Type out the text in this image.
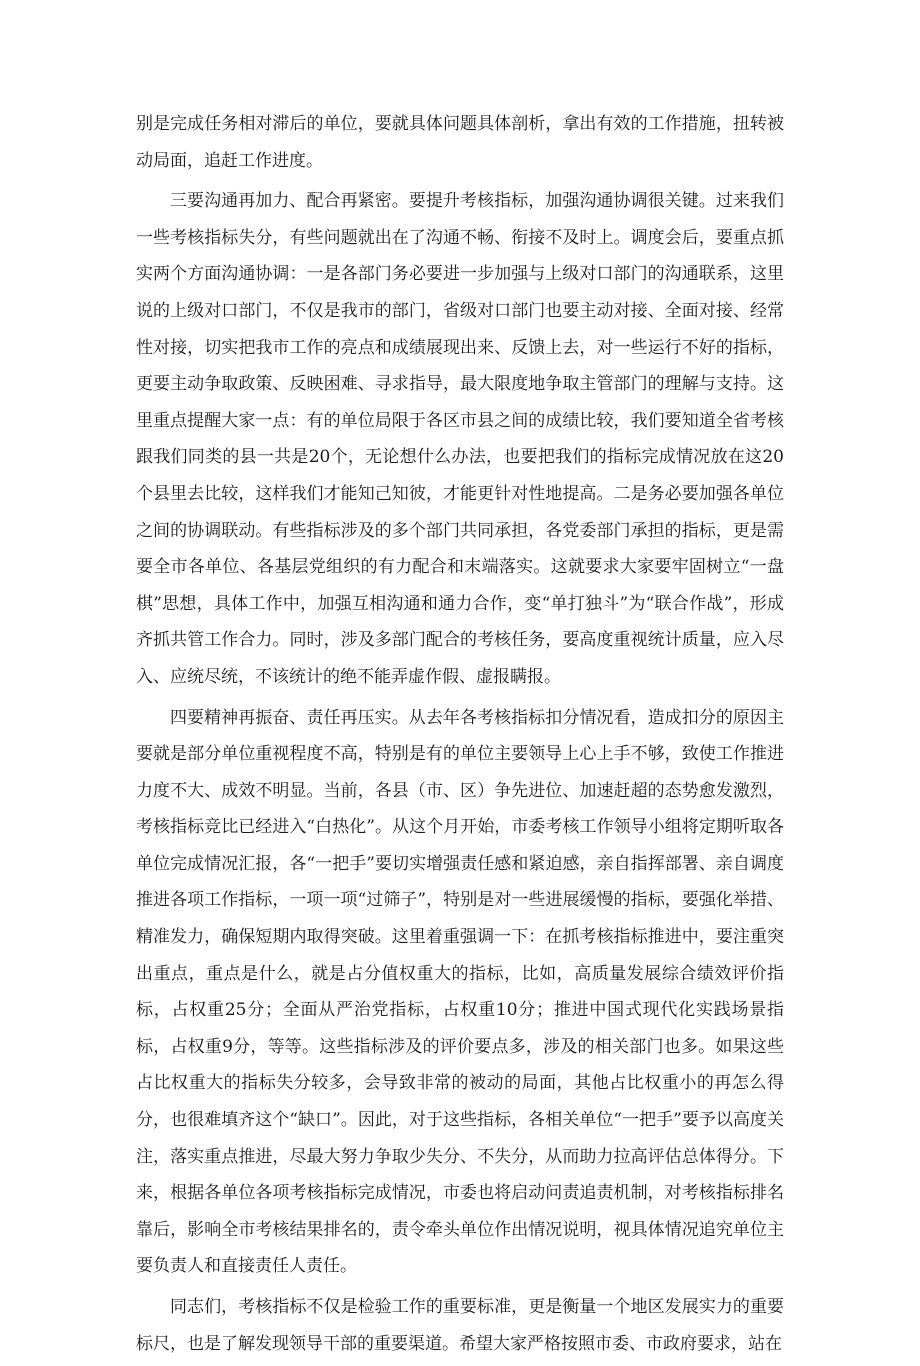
别是完成任务相对滞后的单位，要就具体问题具体剖析，拿出有效的工作措施，扭转被动局面，追赶工作进度。

三要沟通再加力、配合再紧密。要提升考核指标，加强沟通协调很关键。过来我们一些考核指标失分，有些问题就出在了沟通不畅、衔接不及时上。调度会后，要重点抓实两个方面沟通协调：一是各部门务必要进一步加强与上级对口部门的沟通联系，这里说的上级对口部门，不仅是我市的部门，省级对口部门也要主动对接、全面对接、经常性对接，切实把我市工作的亮点和成绩展现出来、反馈上去，对一些运行不好的指标，更要主动争取政策、反映困难、寻求指导，最大限度地争取主管部门的理解与支持。这里重点提醒大家一点：有的单位局限于各区市县之间的成绩比较，我们要知道全省考核跟我们同类的县一共是20个，无论想什么办法，也要把我们的指标完成情况放在这20个县里去比较，这样我们才能知己知彼，才能更针对性地提高。二是务必要加强各单位之间的协调联动。有些指标涉及的多个部门共同承担，各党委部门承担的指标，更是需要全市各单位、各基层党组织的有力配合和末端落实。这就要求大家要牢固树立“一盘棋”思想，具体工作中，加强互相沟通和通力合作，变“单打独斗”为“联合作战”，形成齐抓共管工作合力。同时，涉及多部门配合的考核任务，要高度重视统计质量，应入尽入、应统尽统，不该统计的绝不能弄虚作假、虚报瞒报。

四要精神再振奋、责任再压实。从去年各考核指标扣分情况看，造成扣分的原因主要就是部分单位重视程度不高，特别是有的单位主要领导上心上手不够，致使工作推进力度不大、成效不明显。当前，各县（市、区）争先进位、加速赶超的态势愈发激烈，考核指标竞比已经进入“白热化”。从这个月开始，市委考核工作领导小组将定期听取各单位完成情况汇报，各“一把手”要切实增强责任感和紧迫感，亲自指挥部署、亲自调度推进各项工作指标，一项一项“过筛子”，特别是对一些进展缓慢的指标，要强化举措、精准发力，确保短期内取得突破。这里着重强调一下：在抓考核指标推进中，要注重突出重点，重点是什么，就是占分值权重大的指标，比如，高质量发展综合绩效评价指标，占权重25分；全面从严治党指标，占权重10分；推进中国式现代化实践场景指标，占权重9分，等等。这些指标涉及的评价要点多，涉及的相关部门也多。如果这些占比权重大的指标失分较多，会导致非常的被动的局面，其他占比权重小的再怎么得分，也很难填齐这个“缺口”。因此，对于这些指标，各相关单位“一把手”要予以高度关注，落实重点推进，尽最大努力争取少失分、不失分，从而助力拉高评估总体得分。下来，根据各单位各项考核指标完成情况，市委也将启动问责追责机制，对考核指标排名靠后，影响全市考核结果排名的，责令牵头单位作出情况说明，视具体情况追究单位主要负责人和直接责任人责任。

同志们，考核指标不仅是检验工作的重要标准，更是衡量一个地区发展实力的重要标尺，也是了解发现领导干部的重要渠道。希望大家严格按照市委、市政府要求，站在
